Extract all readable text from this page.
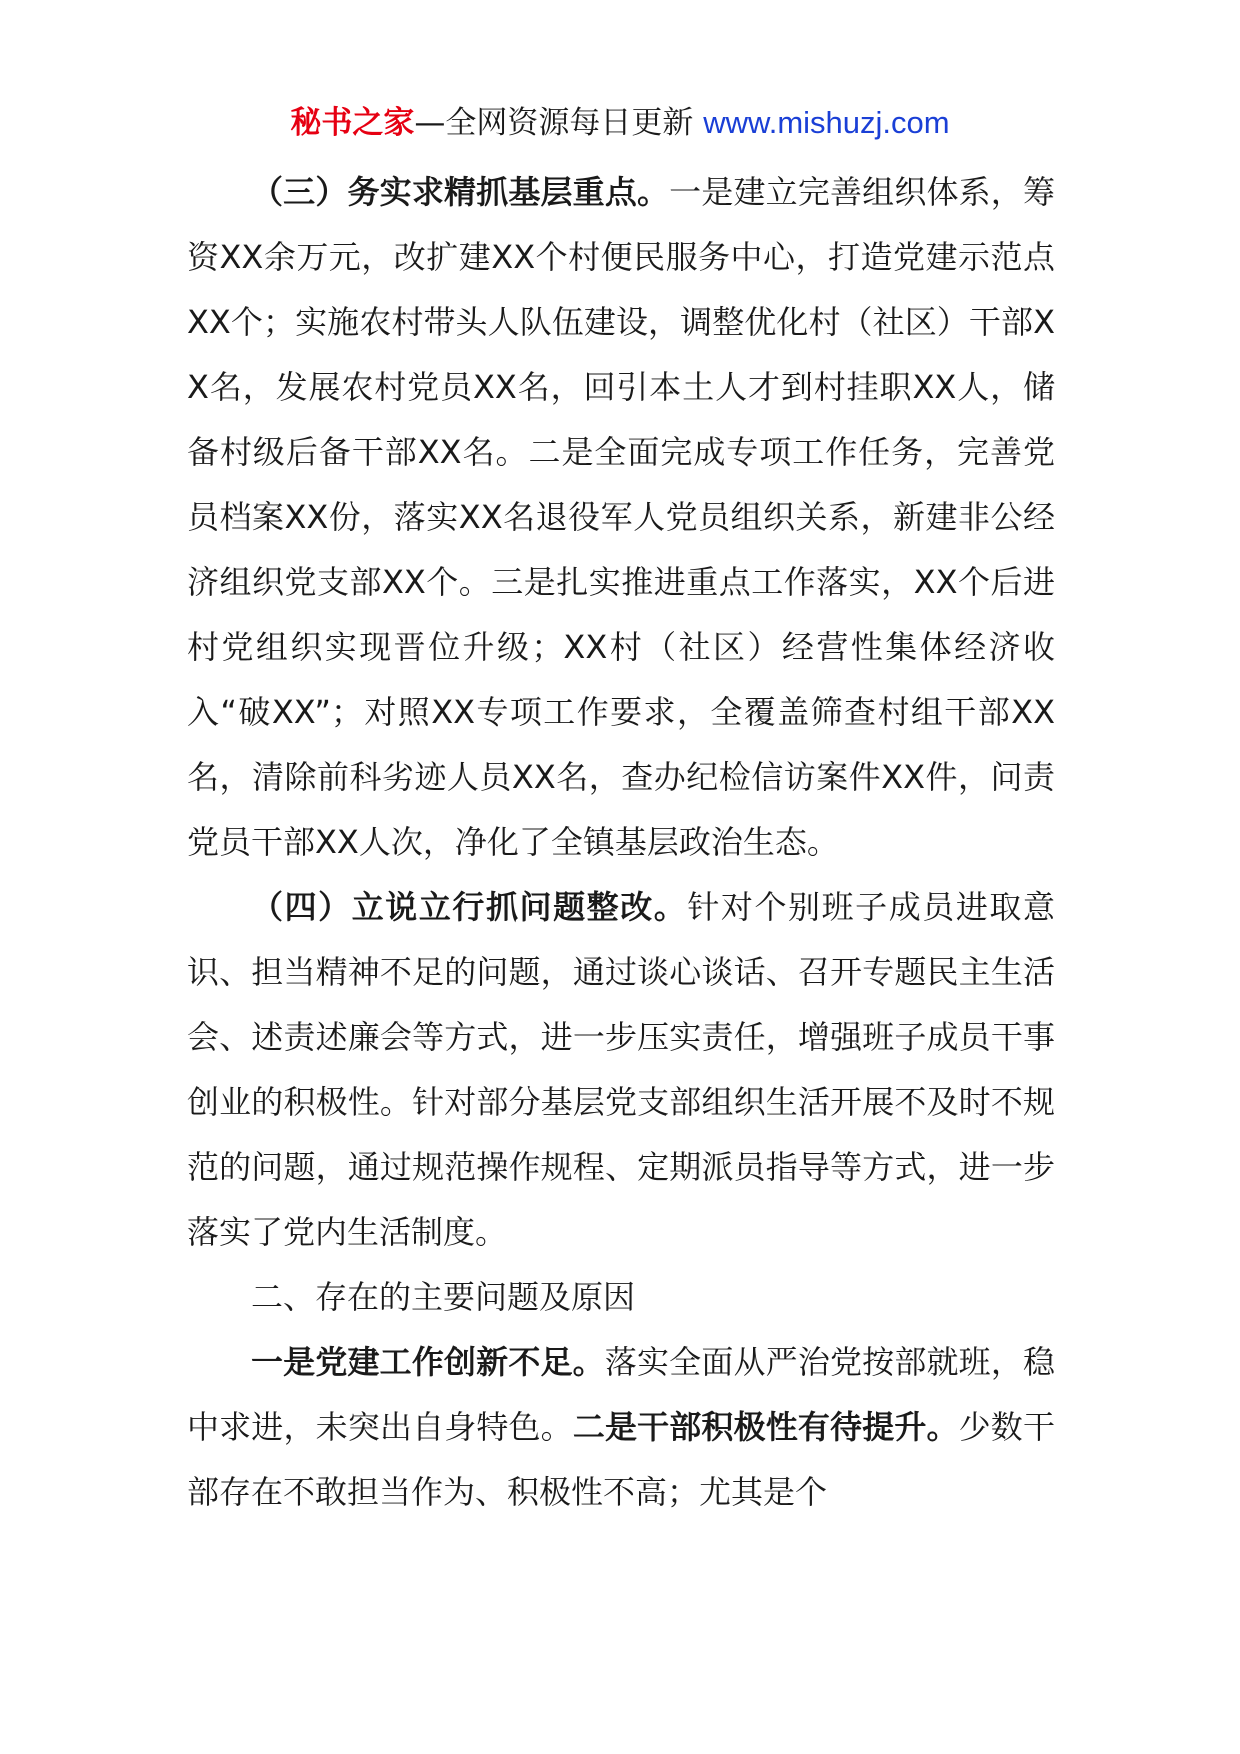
秘书之家—全网资源每日更新 www.mishuzj.com

（三）务实求精抓基层重点。一是建立完善组织体系，筹资XX余万元，改扩建XX个村便民服务中心，打造党建示范点XX个；实施农村带头人队伍建设，调整优化村（社区）干部XX名，发展农村党员XX名，回引本土人才到村挂职XX人，储备村级后备干部XX名。二是全面完成专项工作任务，完善党员档案XX份，落实XX名退役军人党员组织关系，新建非公经济组织党支部XX个。三是扎实推进重点工作落实，XX个后进村党组织实现晋位升级；XX村（社区）经营性集体经济收入“破XX”；对照XX专项工作要求，全覆盖筛查村组干部XX名，清除前科劣迹人员XX名，查办纪检信访案件XX件，问责党员干部XX人次，净化了全镇基层政治生态。

（四）立说立行抓问题整改。针对个别班子成员进取意识、担当精神不足的问题，通过谈心谈话、召开专题民主生活会、述责述廉会等方式，进一步压实责任，增强班子成员干事创业的积极性。针对部分基层党支部组织生活开展不及时不规范的问题，通过规范操作规程、定期派员指导等方式，进一步落实了党内生活制度。

二、存在的主要问题及原因

一是党建工作创新不足。落实全面从严治党按部就班，稳中求进，未突出自身特色。二是干部积极性有待提升。少数干部存在不敢担当作为、积极性不高；尤其是个
